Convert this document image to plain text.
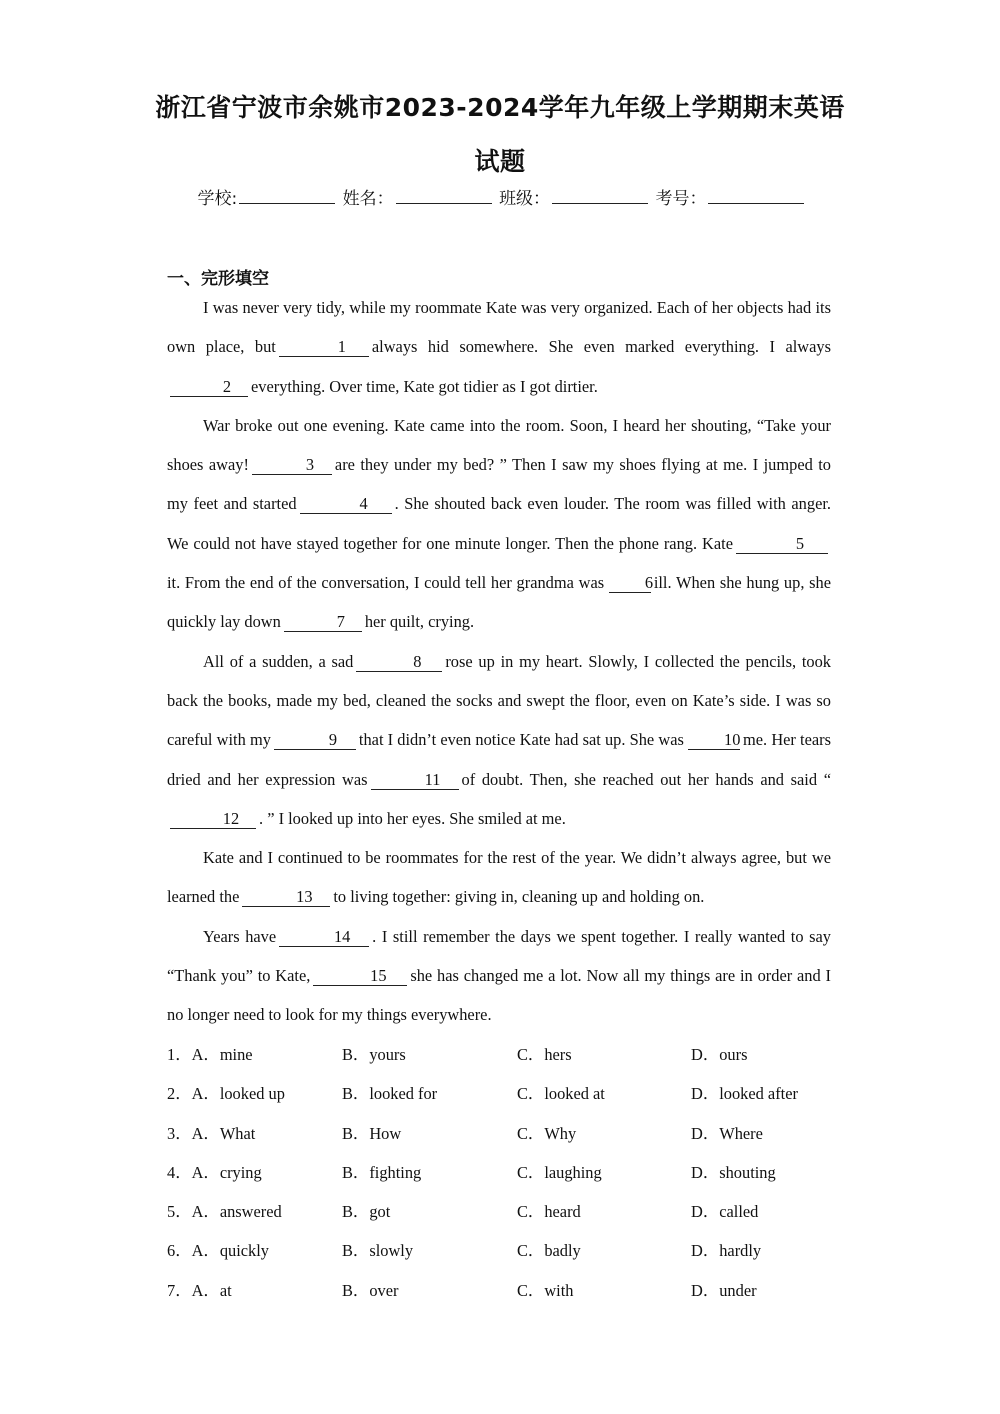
浙江省宁波市余姚市2023-2024学年九年级上学期期末英语
试题
学校:	姓名：	班级：	考号：
一、完形填空

I was never very tidy, while my roommate Kate was very organized. Each of her objects had its own place, but	1 always hid somewhere. She even marked everything. I always2 everything. Over time, Kate got tidier as I got dirtier.

War broke out one evening. Kate came into the room. Soon, I heard her shouting, “Take your shoes away!	3 are they under my bed? ” Then I saw my shoes flying at me. I jumped to my feet and started	4 . She shouted back even louder. The room was filled with anger. We could not have stayed together for one minute longer. Then the phone rang. Kate	5it. From the end of the conversation, I could tell her grandma was 6ill. When she hung up, she quickly lay down	7 her quilt, crying.

All of a sudden, a sad	8 rose up in my heart. Slowly, I collected the pencils, took back the books, made my bed, cleaned the socks and swept the floor, even on Kate’s side. I was so careful with my	9 that I didn’t even notice Kate had sat up. She was 10 me. Her tears dried and her expression was	11 of doubt. Then, she reached out her hands and said “12 . ” I looked up into her eyes. She smiled at me.

Kate and I continued to be roommates for the rest of the year. We didn’t always agree, but we learned the	13 to living together: giving in, cleaning up and holding on.

Years have	14 . I still remember the days we spent together. I really wanted to say “Thank you” to Kate,	15 she has changed me a lot. Now all my things are in order and I no longer need to look for my things everywhere.

1．A．mine	B．yours	C．hers	D．ours
2．A．looked up	B．looked for	C．looked at	D．looked after
3．A．What	B．How	C．Why	D．Where
4．A．crying	B．fighting	C．laughing	D．shouting
5．A．answered	B．got	C．heard	D．called
6．A．quickly	B．slowly	C．badly	D．hardly
7．A．at	B．over	C．with	D．under
